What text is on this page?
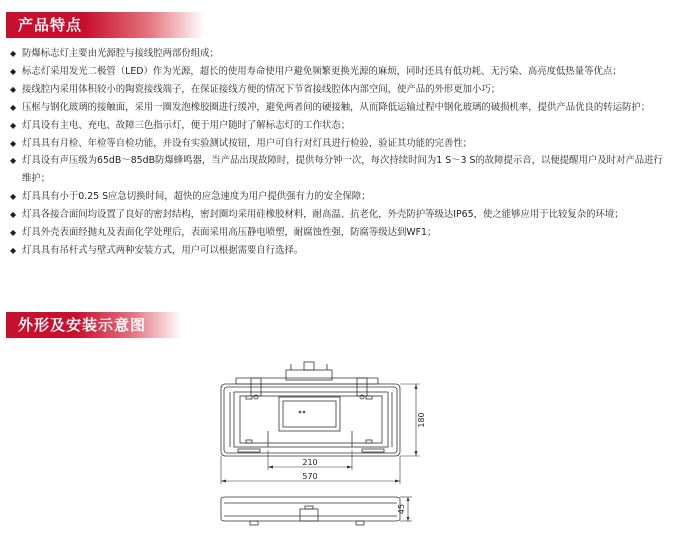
产品特点
◆ 防爆标志灯主要由光源腔与接线腔两部份组成；
◆ 标志灯采用发光二极管（LED）作为光源，超长的使用寿命使用户避免频繁更换光源的麻烦，同时还具有低功耗、无污染、高亮度低热量等优点；
◆ 接线腔内采用体积较小的陶瓷接线端子，在保证接线方便的情况下节省接线腔体内部空间，使产品的外形更加小巧；
◆ 压框与钢化玻璃的接触面，采用一圈发泡橡胶圈进行缓冲，避免两者间的硬接触，从而降低运输过程中钢化玻璃的破损机率，提供产品优良的转运防护；
◆ 灯具设有主电、充电、故障三色指示灯，便于用户随时了解标志灯的工作状态；
◆ 灯具具有月检、年检等自检功能，并设有实验测试按钮，用户可自行对灯具进行检验，验证其功能的完善性；
◆ 灯具设有声压级为65dB～85dB防爆蜂鸣器，当产品出现故障时，提供每分钟一次，每次持续时间为1 S～3 S的故障提示音，以便提醒用户及时对产品进行维护；
◆ 灯具具有小于0.25 S应急切换时间，超快的应急速度为用户提供强有力的安全保障；
◆ 灯具各接合面间均设置了良好的密封结构，密封圈均采用硅橡胶材料，耐高温、抗老化，外壳防护等级达IP65，使之能够应用于比较复杂的环境；
◆ 灯具外壳表面经抛丸及表面化学处理后，表面采用高压静电喷塑，耐腐蚀性强，防腐等级达到WF1；
◆ 灯具具有吊杆式与壁式两种安装方式，用户可以根据需要自行选择。
外形及安装示意图
180
210
570
45
